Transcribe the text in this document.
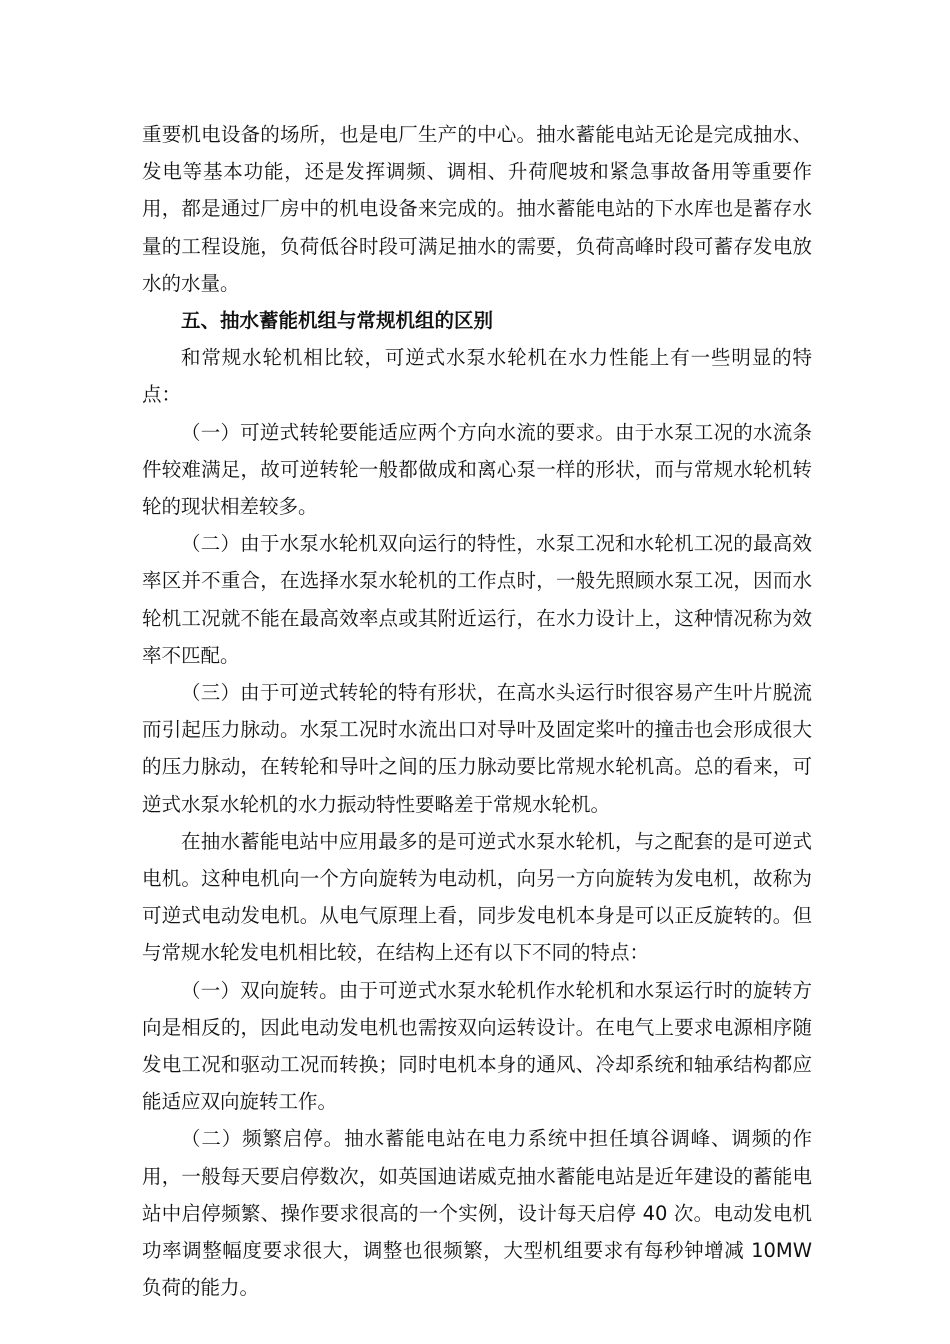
重要机电设备的场所，也是电厂生产的中心。抽水蓄能电站无论是完成抽水、发电等基本功能，还是发挥调频、调相、升荷爬坡和紧急事故备用等重要作用，都是通过厂房中的机电设备来完成的。抽水蓄能电站的下水库也是蓄存水量的工程设施，负荷低谷时段可满足抽水的需要，负荷高峰时段可蓄存发电放水的水量。

五、抽水蓄能机组与常规机组的区别

和常规水轮机相比较，可逆式水泵水轮机在水力性能上有一些明显的特点：

（一）可逆式转轮要能适应两个方向水流的要求。由于水泵工况的水流条件较难满足，故可逆转轮一般都做成和离心泵一样的形状，而与常规水轮机转轮的现状相差较多。

（二）由于水泵水轮机双向运行的特性，水泵工况和水轮机工况的最高效率区并不重合，在选择水泵水轮机的工作点时，一般先照顾水泵工况，因而水轮机工况就不能在最高效率点或其附近运行，在水力设计上，这种情况称为效率不匹配。

（三）由于可逆式转轮的特有形状，在高水头运行时很容易产生叶片脱流而引起压力脉动。水泵工况时水流出口对导叶及固定桨叶的撞击也会形成很大的压力脉动，在转轮和导叶之间的压力脉动要比常规水轮机高。总的看来，可逆式水泵水轮机的水力振动特性要略差于常规水轮机。

在抽水蓄能电站中应用最多的是可逆式水泵水轮机，与之配套的是可逆式电机。这种电机向一个方向旋转为电动机，向另一方向旋转为发电机，故称为可逆式电动发电机。从电气原理上看，同步发电机本身是可以正反旋转的。但与常规水轮发电机相比较，在结构上还有以下不同的特点：

（一）双向旋转。由于可逆式水泵水轮机作水轮机和水泵运行时的旋转方向是相反的，因此电动发电机也需按双向运转设计。在电气上要求电源相序随发电工况和驱动工况而转换；同时电机本身的通风、冷却系统和轴承结构都应能适应双向旋转工作。

（二）频繁启停。抽水蓄能电站在电力系统中担任填谷调峰、调频的作用，一般每天要启停数次，如英国迪诺威克抽水蓄能电站是近年建设的蓄能电站中启停频繁、操作要求很高的一个实例，设计每天启停 40 次。电动发电机功率调整幅度要求很大，调整也很频繁，大型机组要求有每秒钟增减 10MW 负荷的能力。
